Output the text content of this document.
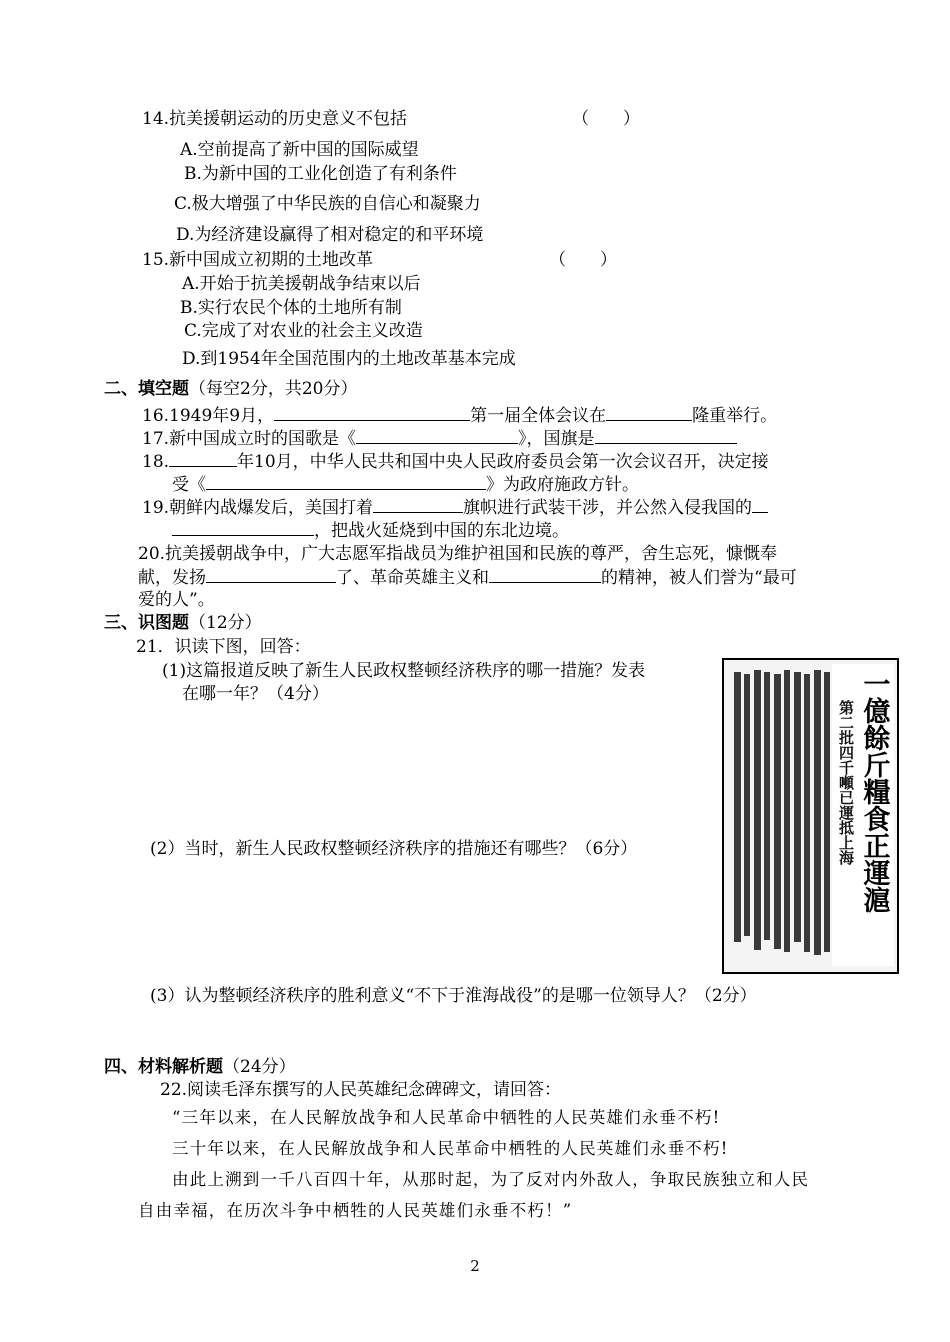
14.抗美援朝运动的历史意义不包括	（　　）
A.空前提高了新中国的国际威望
B.为新中国的工业化创造了有利条件
C.极大增强了中华民族的自信心和凝聚力
D.为经济建设赢得了相对稳定的和平环境
15.新中国成立初期的土地改革	（　　）
A.开始于抗美援朝战争结束以后
B.实行农民个体的土地所有制
C.完成了对农业的社会主义改造
D.到1954年全国范围内的土地改革基本完成
二、填空题（每空2分，共20分）
16.1949年9月，	第一届全体会议在	隆重举行。
17.新中国成立时的国歌是《	》，国旗是
18.	年10月，中华人民共和国中央人民政府委员会第一次会议召开，决定接
受《	》为政府施政方针。
19.朝鲜内战爆发后，美国打着	旗帜进行武装干涉，并公然入侵我国的
，把战火延烧到中国的东北边境。
20.抗美援朝战争中，广大志愿军指战员为维护祖国和民族的尊严，舍生忘死，慷慨奉
献，发扬	了、革命英雄主义和	的精神，被人们誉为“最可
爱的人”。
三、识图题（12分）
21．识读下图，回答：
(1)这篇报道反映了新生人民政权整顿经济秩序的哪一措施？发表
在哪一年？（4分）
(2）当时，新生人民政权整顿经济秩序的措施还有哪些？（6分）
(3）认为整顿经济秩序的胜利意义“不下于淮海战役”的是哪一位领导人？（2分）
一億餘斤糧食正運滬
第二批四千噸已運抵上海
四、材料解析题（24分）
22.阅读毛泽东撰写的人民英雄纪念碑碑文，请回答：
“三年以来，在人民解放战争和人民革命中牺牲的人民英雄们永垂不朽!
三十年以来，在人民解放战争和人民革命中栖牲的人民英雄们永垂不朽!
由此上溯到一千八百四十年，从那时起，为了反对内外敌人，争取民族独立和人民
自由幸福，在历次斗争中栖牲的人民英雄们永垂不朽！”
2
